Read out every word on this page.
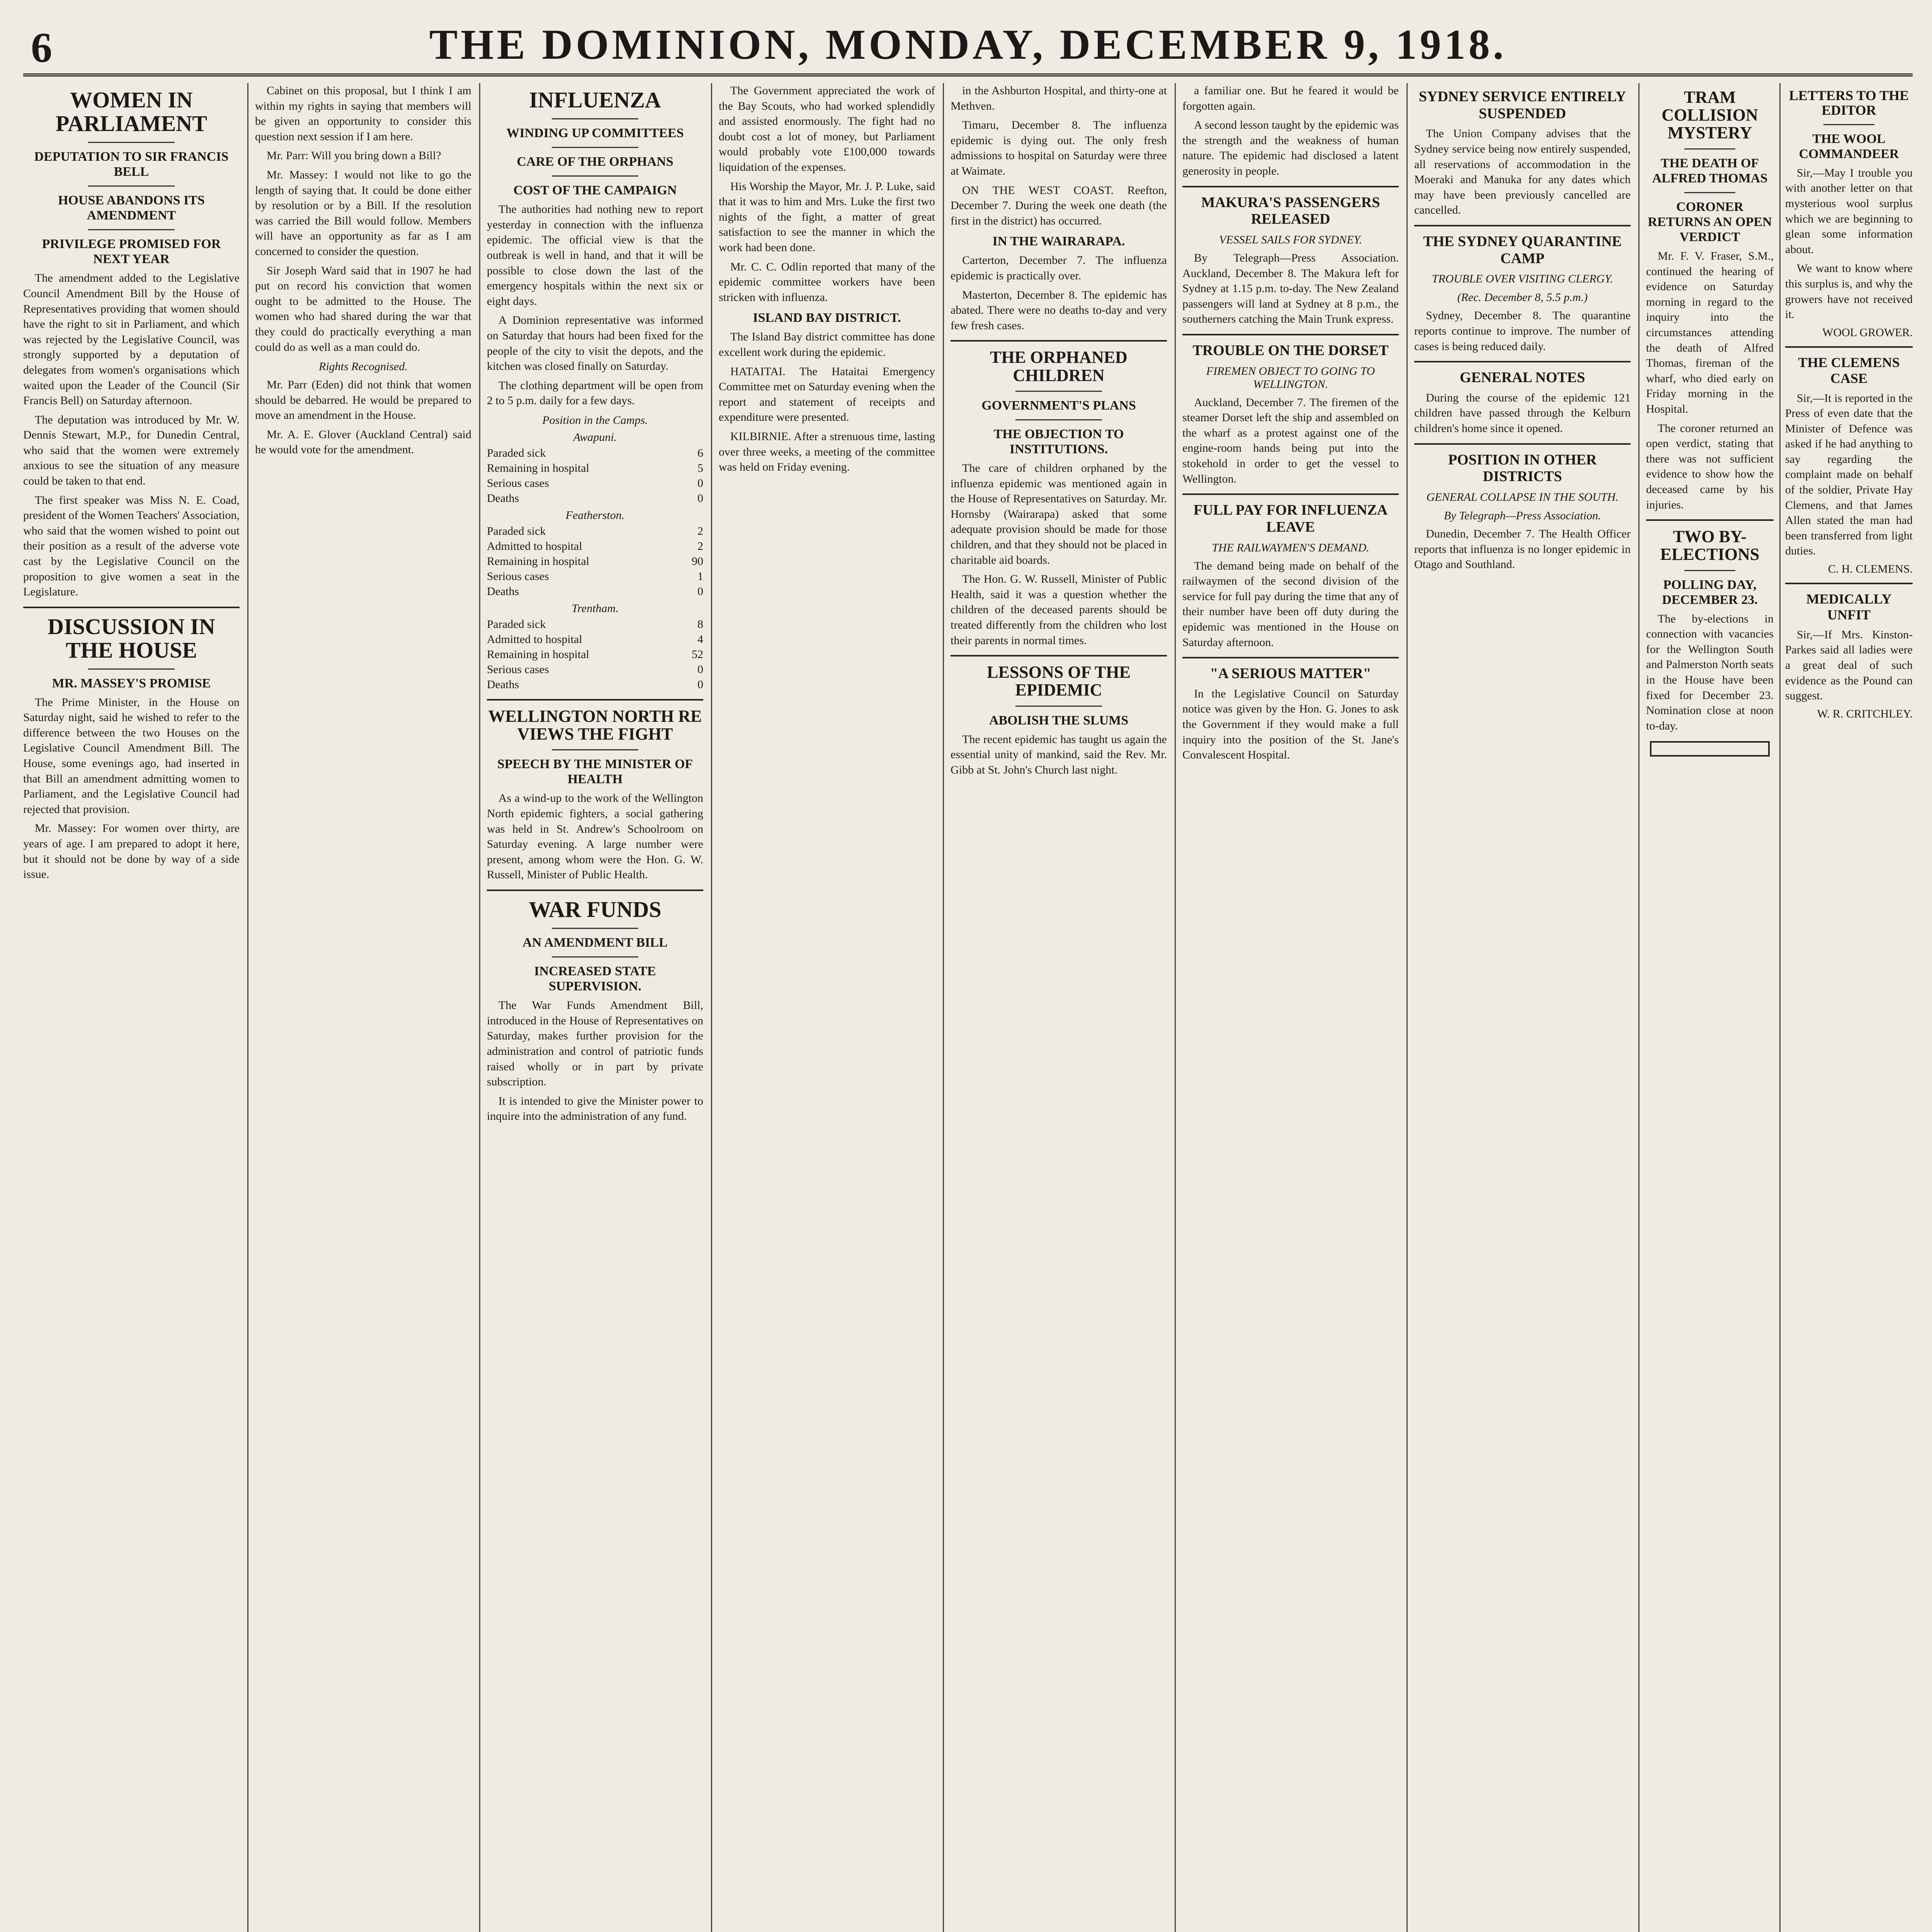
6	THE DOMINION, MONDAY, DECEMBER 9, 1918.
WOMEN IN PARLIAMENT
DEPUTATION TO SIR FRANCIS BELL
HOUSE ABANDONS ITS AMENDMENT
PRIVILEGE PROMISED FOR NEXT YEAR

The amendment added to the Legislative Council Amendment Bill by the House of Representatives providing that women should have the right to sit in Parliament, and which was rejected by the Legislative Council, was strongly supported by a deputation of delegates from women's organisations which waited upon the Leader of the Council (Sir Francis Bell) on Saturday afternoon.

The deputation was introduced by Mr. W. Dennis Stewart, M.P., for Dunedin Central, who said that the women were extremely anxious to see the situation of any measure could be taken to that end.

The first speaker was Miss N. E. Coad, president of the Women Teachers' Association, who said that the women wished to point out their position as a result of the adverse vote cast by the Legislative Council on the proposition to give women a seat in the Legislature.

DISCUSSION IN THE HOUSE
MR. MASSEY'S PROMISE

The Prime Minister, in the House on Saturday night, said he wished to refer to the difference between the two Houses on the Legislative Council Amendment Bill. The House, some evenings ago, had inserted in that Bill an amendment admitting women to Parliament, and the Legislative Council had rejected that provision.

Mr. Massey: For women over thirty, are years of age. I am prepared to adopt it here, but it should not be done by way of a side issue.

Cabinet on this proposal, but I think I am within my rights in saying that members will be given an opportunity to consider this question next session if I am here.

Mr. Parr: Will you bring down a Bill?

Mr. Massey: I would not like to go the length of saying that. It could be done either by resolution or by a Bill. If the resolution was carried the Bill would follow. Members will have an opportunity as far as I am concerned to consider the question.

Sir Joseph Ward said that in 1907 he had put on record his conviction that women ought to be admitted to the House. The women who had shared during the war that they could do practically everything a man could do as well as a man could do.

Rights Recognised.

Mr. Parr (Eden) did not think that women should be debarred. He would be prepared to move an amendment in the House.

Mr. A. E. Glover (Auckland Central) said he would vote for the amendment.

INFLUENZA
WINDING UP COMMITTEES
CARE OF THE ORPHANS
COST OF THE CAMPAIGN

The authorities had nothing new to report yesterday in connection with the influenza epidemic. The official view is that the outbreak is well in hand, and that it will be possible to close down the last of the emergency hospitals within the next six or eight days.

A Dominion representative was informed on Saturday that hours had been fixed for the people of the city to visit the depots, and the kitchen was closed finally on Saturday.

The clothing department will be open from 2 to 5 p.m. daily for a few days.

Position in the Camps.
Awapuni.
Paraded sick	6
Remaining in hospital	5
Serious cases	0
Deaths	0
Featherston.
Paraded sick	2
Admitted to hospital	2
Remaining in hospital	90
Serious cases	1
Deaths	0
Trentham.
Paraded sick	8
Admitted to hospital	4
Remaining in hospital	52
Serious cases	0
Deaths	0
WELLINGTON NORTH RE VIEWS THE FIGHT
SPEECH BY THE MINISTER OF HEALTH

As a wind-up to the work of the Wellington North epidemic fighters, a social gathering was held in St. Andrew's Schoolroom on Saturday evening. A large number were present, among whom were the Hon. G. W. Russell, Minister of Public Health.

WAR FUNDS
AN AMENDMENT BILL
INCREASED STATE SUPERVISION.

The War Funds Amendment Bill, introduced in the House of Representatives on Saturday, makes further provision for the administration and control of patriotic funds raised wholly or in part by private subscription.

It is intended to give the Minister power to inquire into the administration of any fund.

The Government appreciated the work of the Bay Scouts, who had worked splendidly and assisted enormously. The fight had no doubt cost a lot of money, but Parliament would probably vote £100,000 towards liquidation of the expenses.

His Worship the Mayor, Mr. J. P. Luke, said that it was to him and Mrs. Luke the first two nights of the fight, a matter of great satisfaction to see the manner in which the work had been done.

Mr. C. C. Odlin reported that many of the epidemic committee workers have been stricken with influenza.

ISLAND BAY DISTRICT.

The Island Bay district committee has done excellent work during the epidemic.

HATAITAI. The Hataitai Emergency Committee met on Saturday evening when the report and statement of receipts and expenditure were presented.

KILBIRNIE. After a strenuous time, lasting over three weeks, a meeting of the committee was held on Friday evening.

in the Ashburton Hospital, and thirty-one at Methven.

Timaru, December 8. The influenza epidemic is dying out. The only fresh admissions to hospital on Saturday were three at Waimate.

ON THE WEST COAST. Reefton, December 7. During the week one death (the first in the district) has occurred.

IN THE WAIRARAPA.

Carterton, December 7. The influenza epidemic is practically over.

Masterton, December 8. The epidemic has abated. There were no deaths to-day and very few fresh cases.

THE ORPHANED CHILDREN
GOVERNMENT'S PLANS
THE OBJECTION TO INSTITUTIONS.

The care of children orphaned by the influenza epidemic was mentioned again in the House of Representatives on Saturday. Mr. Hornsby (Wairarapa) asked that some adequate provision should be made for those children, and that they should not be placed in charitable aid boards.

The Hon. G. W. Russell, Minister of Public Health, said it was a question whether the children of the deceased parents should be treated differently from the children who lost their parents in normal times.

LESSONS OF THE EPIDEMIC
ABOLISH THE SLUMS

The recent epidemic has taught us again the essential unity of mankind, said the Rev. Mr. Gibb at St. John's Church last night.

a familiar one. But he feared it would be forgotten again.

A second lesson taught by the epidemic was the strength and the weakness of human nature. The epidemic had disclosed a latent generosity in people.

MAKURA'S PASSENGERS RELEASED
VESSEL SAILS FOR SYDNEY.

By Telegraph—Press Association. Auckland, December 8. The Makura left for Sydney at 1.15 p.m. to-day. The New Zealand passengers will land at Sydney at 8 p.m., the southerners catching the Main Trunk express.

TROUBLE ON THE DORSET
FIREMEN OBJECT TO GOING TO WELLINGTON.

Auckland, December 7. The firemen of the steamer Dorset left the ship and assembled on the wharf as a protest against one of the engine-room hands being put into the stokehold in order to get the vessel to Wellington.

FULL PAY FOR INFLUENZA LEAVE
THE RAILWAYMEN'S DEMAND.

The demand being made on behalf of the railwaymen of the second division of the service for full pay during the time that any of their number have been off duty during the epidemic was mentioned in the House on Saturday afternoon.

"A SERIOUS MATTER"

In the Legislative Council on Saturday notice was given by the Hon. G. Jones to ask the Government if they would make a full inquiry into the position of the St. Jane's Convalescent Hospital.

SYDNEY SERVICE ENTIRELY SUSPENDED

The Union Company advises that the Sydney service being now entirely suspended, all reservations of accommodation in the Moeraki and Manuka for any dates which may have been previously cancelled are cancelled.

THE SYDNEY QUARANTINE CAMP
TROUBLE OVER VISITING CLERGY.
(Rec. December 8, 5.5 p.m.)

Sydney, December 8. The quarantine reports continue to improve. The number of cases is being reduced daily.

GENERAL NOTES

During the course of the epidemic 121 children have passed through the Kelburn children's home since it opened.

POSITION IN OTHER DISTRICTS
GENERAL COLLAPSE IN THE SOUTH.
By Telegraph—Press Association.

Dunedin, December 7. The Health Officer reports that influenza is no longer epidemic in Otago and Southland.

TRAM COLLISION MYSTERY
THE DEATH OF ALFRED THOMAS
CORONER RETURNS AN OPEN VERDICT

Mr. F. V. Fraser, S.M., continued the hearing of evidence on Saturday morning in regard to the inquiry into the circumstances attending the death of Alfred Thomas, fireman of the wharf, who died early on Friday morning in the Hospital.

The coroner returned an open verdict, stating that there was not sufficient evidence to show how the deceased came by his injuries.

TWO BY-ELECTIONS
POLLING DAY, DECEMBER 23.

The by-elections in connection with vacancies for the Wellington South and Palmerston North seats in the House have been fixed for December 23. Nomination close at noon to-day.

LETTERS TO THE EDITOR
THE WOOL COMMANDEER

Sir,—May I trouble you with another letter on that mysterious wool surplus which we are beginning to glean some information about.

We want to know where this surplus is, and why the growers have not received it.

WOOL GROWER.
THE CLEMENS CASE

Sir,—It is reported in the Press of even date that the Minister of Defence was asked if he had anything to say regarding the complaint made on behalf of the soldier, Private Hay Clemens, and that James Allen stated the man had been transferred from light duties.

C. H. CLEMENS.
MEDICALLY UNFIT

Sir,—If Mrs. Kinston-Parkes said all ladies were a great deal of such evidence as the Pound can suggest.

W. R. CRITCHLEY.
